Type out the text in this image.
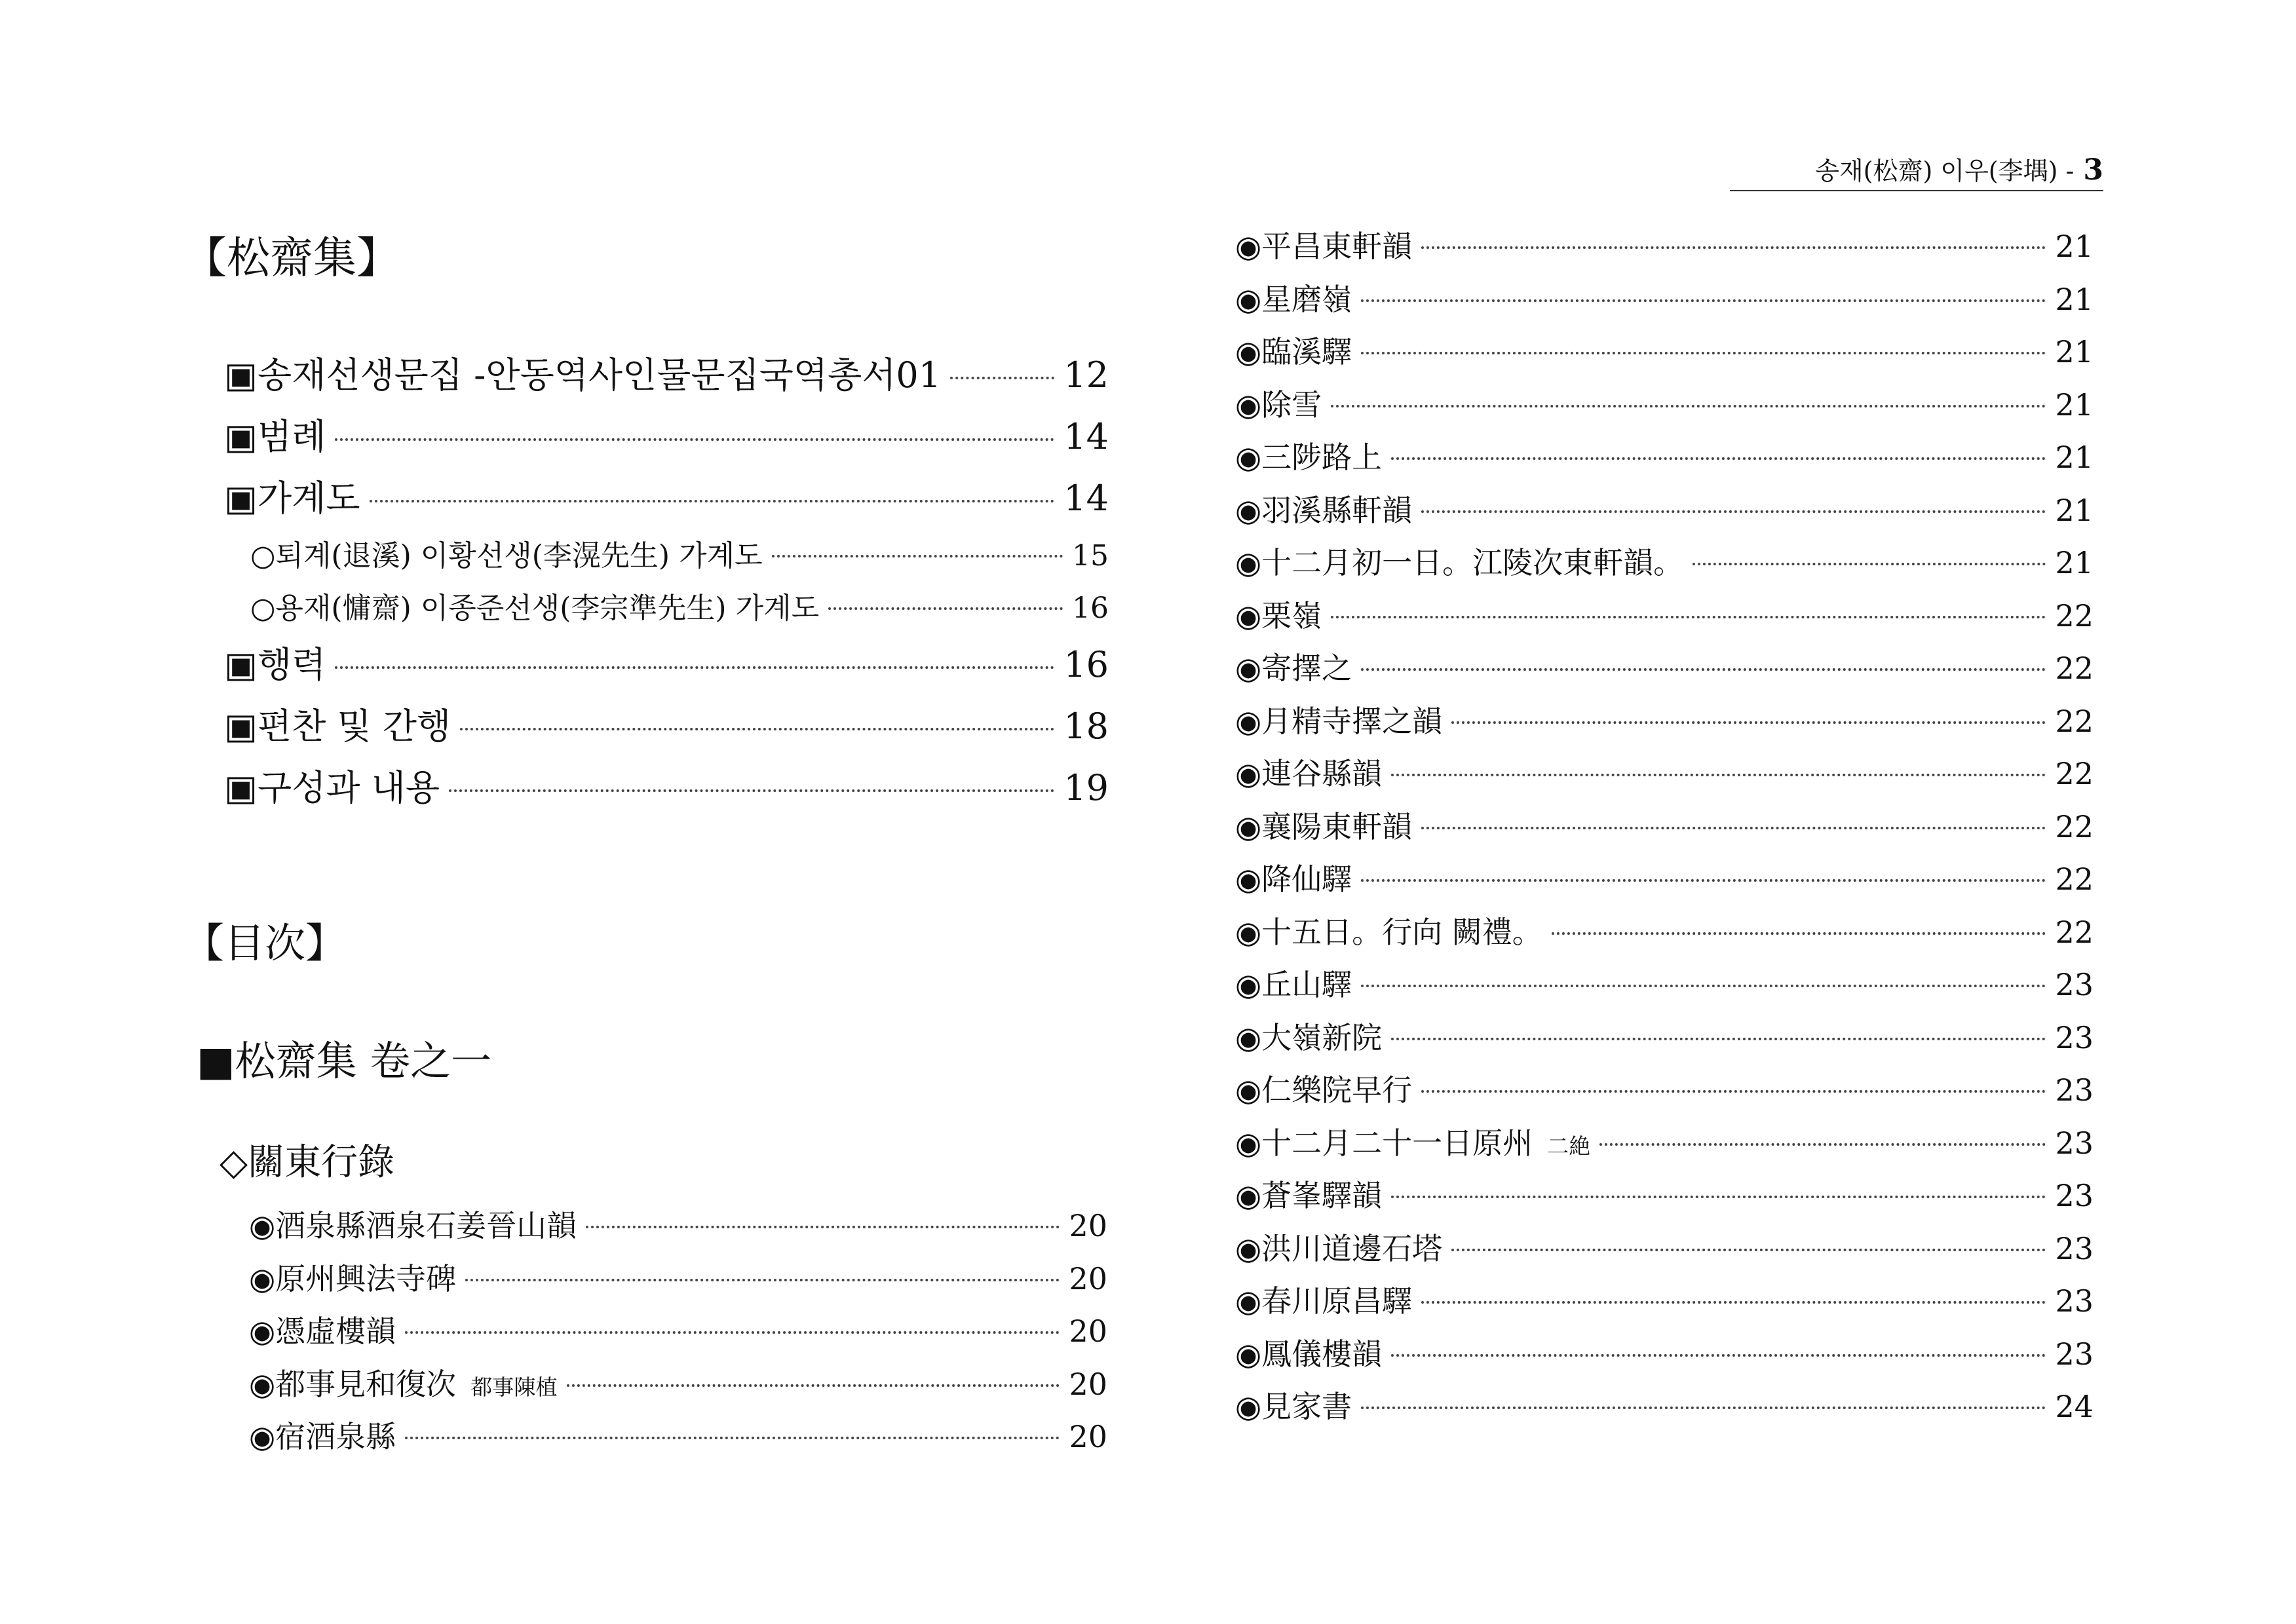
송재(松齋) 이우(李堣) - 3
【松齋集】
▣ 송재선생문집 -안동역사인물문집국역총서01	12
▣ 범례	14
▣ 가계도	14
○ 퇴계(退溪) 이황선생(李滉先生) 가계도	15
○ 용재(慵齋) 이종준선생(李宗準先生) 가계도	16
▣ 행력	16
▣ 편찬 및 간행	18
▣ 구성과 내용	19
【目次】
■松齋集 卷之一
◇關東行錄
◉ 酒泉縣酒泉石姜晉山韻	20
◉ 原州興法寺碑	20
◉ 憑虛樓韻	20
◉ 都事見和復次 都事陳植	20
◉ 宿酒泉縣	20
◉ 平昌東軒韻	21
◉ 星磨嶺	21
◉ 臨溪驛	21
◉ 除雪	21
◉ 三陟路上	21
◉ 羽溪縣軒韻	21
◉ 十二月初一日。江陵次東軒韻。	21
◉ 栗嶺	22
◉ 寄擇之	22
◉ 月精寺擇之韻	22
◉ 連谷縣韻	22
◉ 襄陽東軒韻	22
◉ 降仙驛	22
◉ 十五日。行向 闕禮。	22
◉ 丘山驛	23
◉ 大嶺新院	23
◉ 仁樂院早行	23
◉ 十二月二十一日原州 二絶	23
◉ 蒼峯驛韻	23
◉ 洪川道邊石塔	23
◉ 春川原昌驛	23
◉ 鳳儀樓韻	23
◉ 見家書	24
